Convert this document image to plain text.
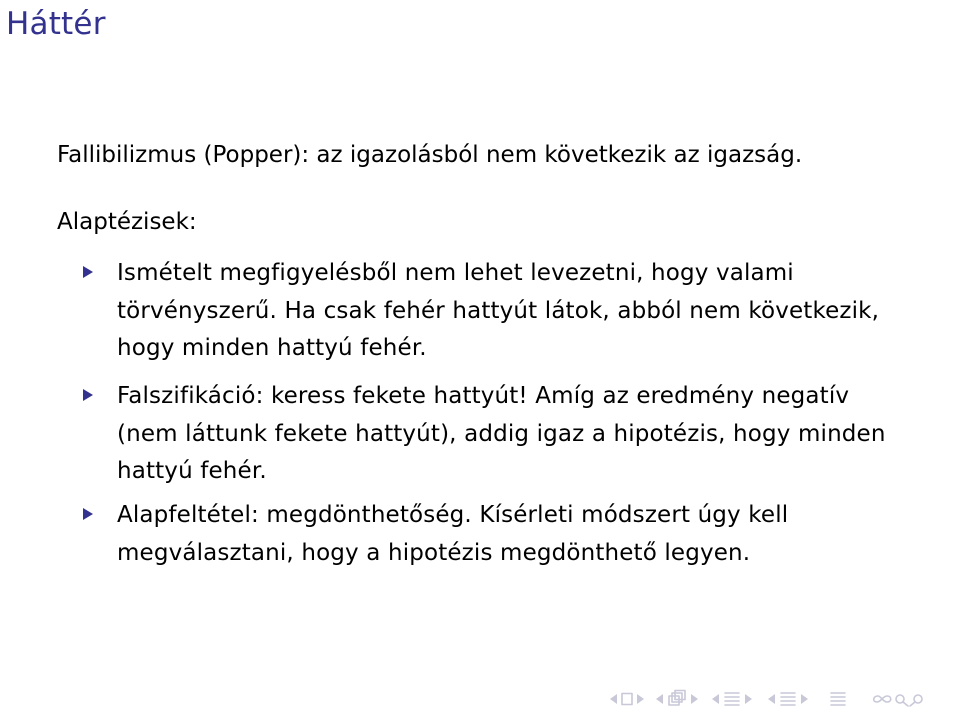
Háttér

Fallibilizmus (Popper): az igazolásból nem következik az igazság.

Alaptézisek:

Ismételt megfigyelésből nem lehet levezetni, hogy valami törvényszerű. Ha csak fehér hattyút látok, abból nem következik, hogy minden hattyú fehér.
Falszifikáció: keress fekete hattyút! Amíg az eredmény negatív (nem láttunk fekete hattyút), addig igaz a hipotézis, hogy minden hattyú fehér.
Alapfeltétel: megdönthetőség. Kísérleti módszert úgy kell megválasztani, hogy a hipotézis megdönthető legyen.
